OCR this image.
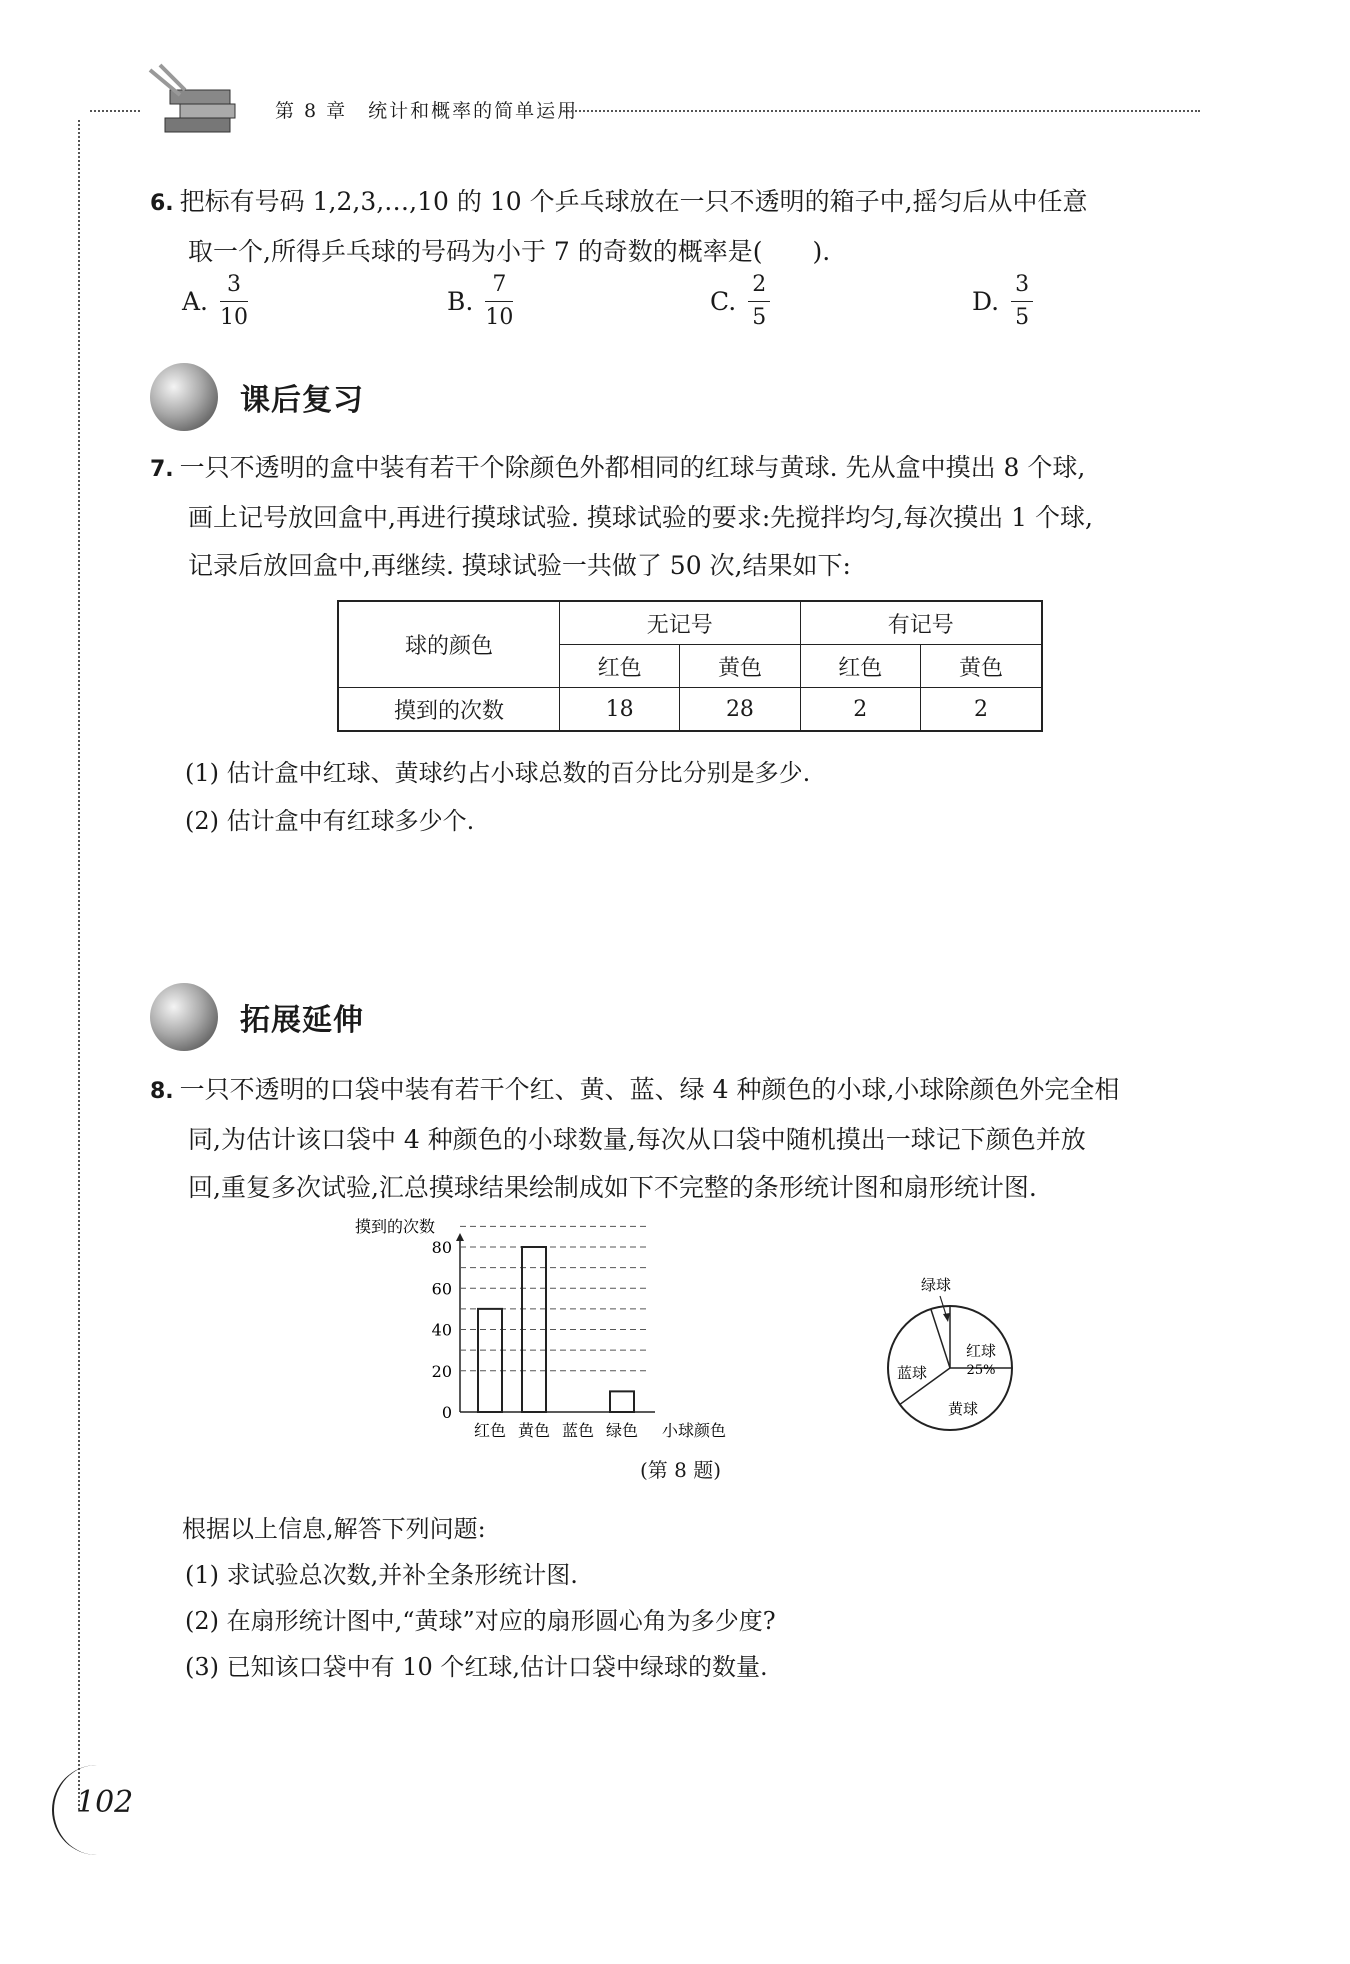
第 8 章　统计和概率的简单运用
6. 把标有号码 1,2,3,…,10 的 10 个乒乓球放在一只不透明的箱子中,摇匀后从中任意
取一个,所得乒乓球的号码为小于 7 的奇数的概率是(　　).
A. $\frac{3}{10}$	B. $\frac{7}{10}$	C. $\frac{2}{5}$	D. $\frac{3}{5}$
课后复习
7. 一只不透明的盒中装有若干个除颜色外都相同的红球与黄球. 先从盒中摸出 8 个球,
画上记号放回盒中,再进行摸球试验. 摸球试验的要求:先搅拌均匀,每次摸出 1 个球,
记录后放回盒中,再继续. 摸球试验一共做了 50 次,结果如下:
球的颜色	无记号		有记号	
	红色	黄色	红色	黄色
摸到的次数	18	28	2	2
(1) 估计盒中红球、黄球约占小球总数的百分比分别是多少.
(2) 估计盒中有红球多少个.
拓展延伸
8. 一只不透明的口袋中装有若干个红、黄、蓝、绿 4 种颜色的小球,小球除颜色外完全相
同,为估计该口袋中 4 种颜色的小球数量,每次从口袋中随机摸出一球记下颜色并放
回,重复多次试验,汇总摸球结果绘制成如下不完整的条形统计图和扇形统计图.
摸到的次数
0
20
40
60
80
红色 黄色 蓝色 绿色 小球颜色
红球
25%
黄球
蓝球
绿球
(第 8 题)
根据以上信息,解答下列问题:
(1) 求试验总次数,并补全条形统计图.
(2) 在扇形统计图中,“黄球”对应的扇形圆心角为多少度?
(3) 已知该口袋中有 10 个红球,估计口袋中绿球的数量.
102
